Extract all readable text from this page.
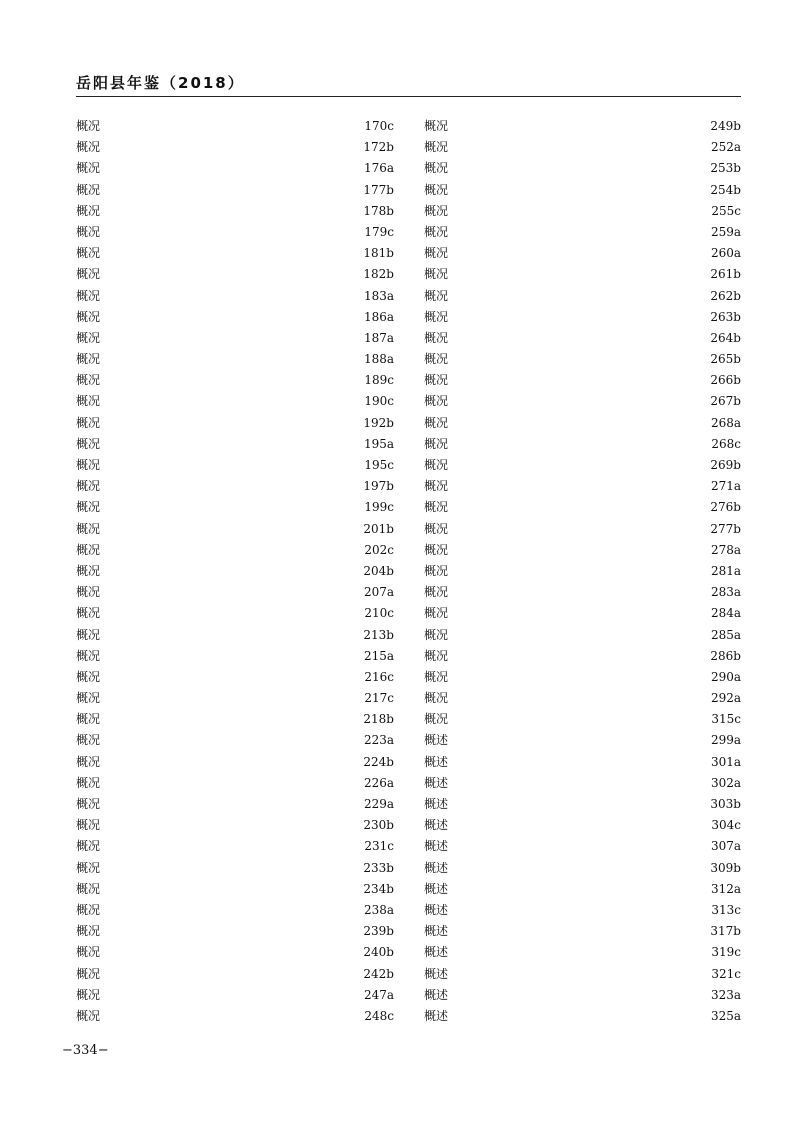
岳阳县年鉴（2018）
概况	170c
概况	172b
概况	176a
概况	177b
概况	178b
概况	179c
概况	181b
概况	182b
概况	183a
概况	186a
概况	187a
概况	188a
概况	189c
概况	190c
概况	192b
概况	195a
概况	195c
概况	197b
概况	199c
概况	201b
概况	202c
概况	204b
概况	207a
概况	210c
概况	213b
概况	215a
概况	216c
概况	217c
概况	218b
概况	223a
概况	224b
概况	226a
概况	229a
概况	230b
概况	231c
概况	233b
概况	234b
概况	238a
概况	239b
概况	240b
概况	242b
概况	247a
概况	248c
概况	249b
概况	252a
概况	253b
概况	254b
概况	255c
概况	259a
概况	260a
概况	261b
概况	262b
概况	263b
概况	264b
概况	265b
概况	266b
概况	267b
概况	268a
概况	268c
概况	269b
概况	271a
概况	276b
概况	277b
概况	278a
概况	281a
概况	283a
概况	284a
概况	285a
概况	286b
概况	290a
概况	292a
概况	315c
概述	299a
概述	301a
概述	302a
概述	303b
概述	304c
概述	307a
概述	309b
概述	312a
概述	313c
概述	317b
概述	319c
概述	321c
概述	323a
概述	325a
−334−
